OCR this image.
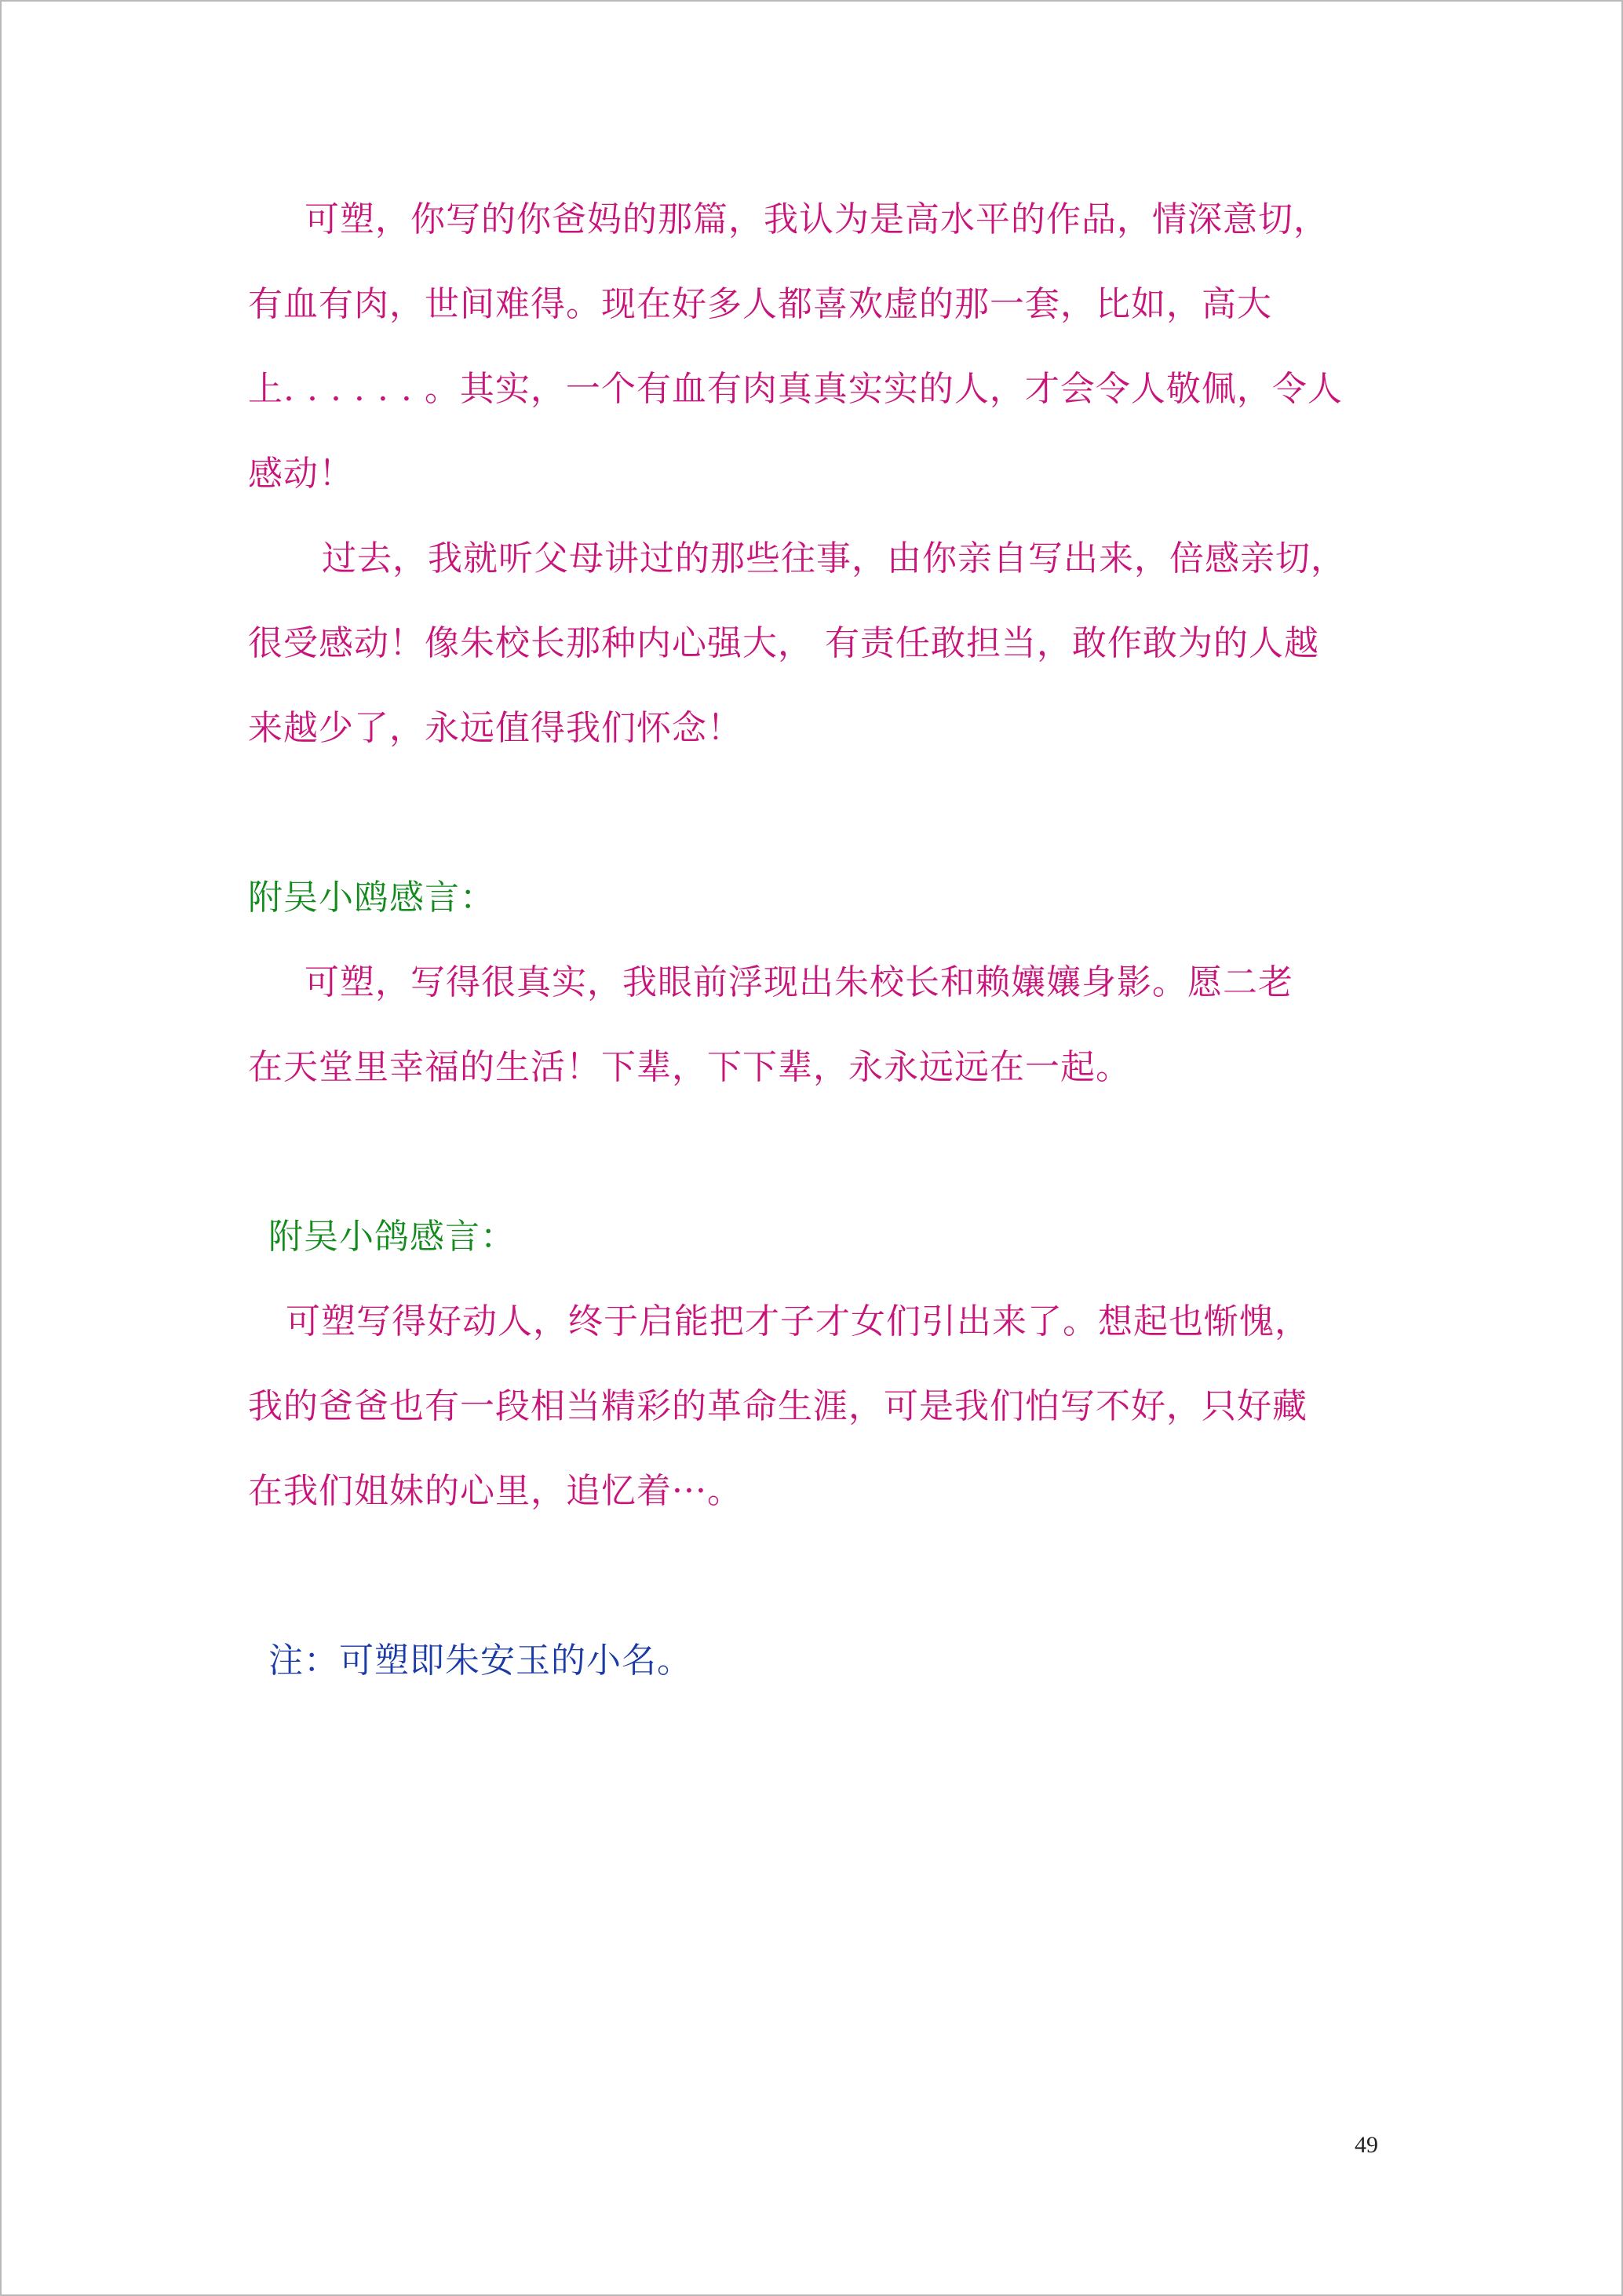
可塑，你写的你爸妈的那篇，我认为是高水平的作品，情深意切，
有血有肉，世间难得。现在好多人都喜欢虚的那一套，比如，高大
上. . . . . . 。其实，一个有血有肉真真实实的人，才会令人敬佩，令人
感动！
过去，我就听父母讲过的那些往事，由你亲自写出来，倍感亲切，
很受感动！像朱校长那种内心强大， 有责任敢担当，敢作敢为的人越
来越少了，永远值得我们怀念！
附吴小鸥感言：
可塑，写得很真实，我眼前浮现出朱校长和赖孃孃身影。愿二老
在天堂里幸福的生活！下辈，下下辈，永永远远在一起。
附吴小鸽感言：
可塑写得好动人，终于启能把才子才女们引出来了。想起也惭愧，
我的爸爸也有一段相当精彩的革命生涯，可是我们怕写不好，只好藏
在我们姐妹的心里，追忆着···。
注：可塑即朱安玉的小名。
49
